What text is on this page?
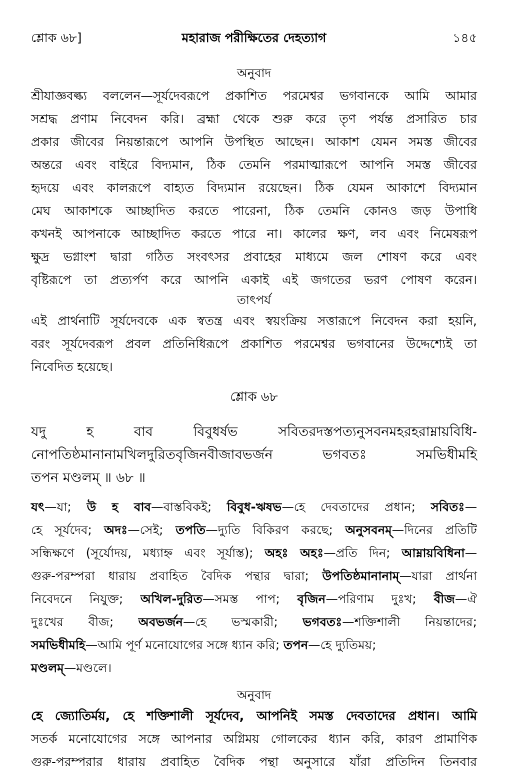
শ্লোক ৬৮]	মহারাজ পরীক্ষিতের দেহত্যাগ	১৪৫

অনুবাদ

শ্রীযাজ্ঞবল্ক্য বললেন—সূর্যদেবরূপে প্রকাশিত পরমেশ্বর ভগবানকে আমি আমার

সশ্রদ্ধ প্রণাম নিবেদন করি। ব্রহ্মা থেকে শুরু করে তৃণ পর্যন্ত প্রসারিত চার

প্রকার জীবের নিয়ন্তারূপে আপনি উপস্থিত আছেন। আকাশ যেমন সমস্ত জীবের

অন্তরে এবং বাইরে বিদ্যমান, ঠিক তেমনি পরমাত্মারূপে আপনি সমস্ত জীবের

হৃদয়ে এবং কালরূপে বাহ্যত বিদ্যমান রয়েছেন। ঠিক যেমন আকাশে বিদ্যমান

মেঘ আকাশকে আচ্ছাদিত করতে পারেনা, ঠিক তেমনি কোনও জড় উপাধি

কখনই আপনাকে আচ্ছাদিত করতে পারে না। কালের ক্ষণ, লব এবং নিমেষরূপ

ক্ষুদ্র ভগ্নাংশ দ্বারা গঠিত সংবৎসর প্রবাহের মাধ্যমে জল শোষণ করে এবং

বৃষ্টিরূপে তা প্রত্যর্পণ করে আপনি একাই এই জগতের ভরণ পোষণ করেন।

তাৎপর্য

এই প্রার্থনাটি সূর্যদেবকে এক স্বতন্ত্র এবং স্বয়ংক্রিয় সত্তারূপে নিবেদন করা হয়নি,

বরং সূর্যদেবরূপ প্রবল প্রতিনিধিরূপে প্রকাশিত পরমেশ্বর ভগবানের উদ্দেশ্যেই তা

নিবেদিত হয়েছে।

শ্লোক ৬৮

যদু হ বাব বিবুধর্ষভ সবিতরদস্তপত্যনুসবনমহরহরাম্নায়বিধি-

নোপতিষ্ঠমানানামখিলদুরিতবৃজিনবীজাবভর্জন ভগবতঃ সমভিধীমহি

তপন মণ্ডলম্ ॥ ৬৮ ॥

যৎ—যা; উ হ বাব—বাস্তবিকই; বিবুধ-ঋষভ—হে দেবতাদের প্রধান; সবিতঃ—
হে সূর্যদেব; অদঃ—সেই; তপতি—দ্যুতি বিকিরণ করছে; অনুসবনম্—দিনের প্রতিটি
সন্ধিক্ষণে (সূর্যোদয়, মধ্যাহ্ন এবং সূর্যাস্ত); অহঃ অহঃ—প্রতি দিন; আম্নায়বিধিনা—
গুরু-পরম্পরা ধারায় প্রবাহিত বৈদিক পন্থার দ্বারা; উপতিষ্ঠমানানাম্—যারা প্রার্থনা
নিবেদনে নিযুক্ত; অখিল-দুরিত—সমস্ত পাপ; বৃজিন—পরিণাম দুঃখ; বীজ—ঐ
দুঃখের বীজ; অবভর্জন—হে ভস্মকারী; ভগবতঃ—শক্তিশালী নিয়ন্তাদের;
সমভিধীমহি—আমি পূর্ণ মনোযোগের সঙ্গে ধ্যান করি; তপন—হে দ্যুতিময়;
মণ্ডলম্—মণ্ডলে।

অনুবাদ

হে জ্যোতির্ময়, হে শক্তিশালী সূর্যদেব, আপনিই সমস্ত দেবতাদের প্রধান। আমি

সতর্ক মনোযোগের সঙ্গে আপনার অগ্নিময় গোলকের ধ্যান করি, কারণ প্রামাণিক

গুরু-পরম্পরার ধারায় প্রবাহিত বৈদিক পন্থা অনুসারে যাঁরা প্রতিদিন তিনবার
